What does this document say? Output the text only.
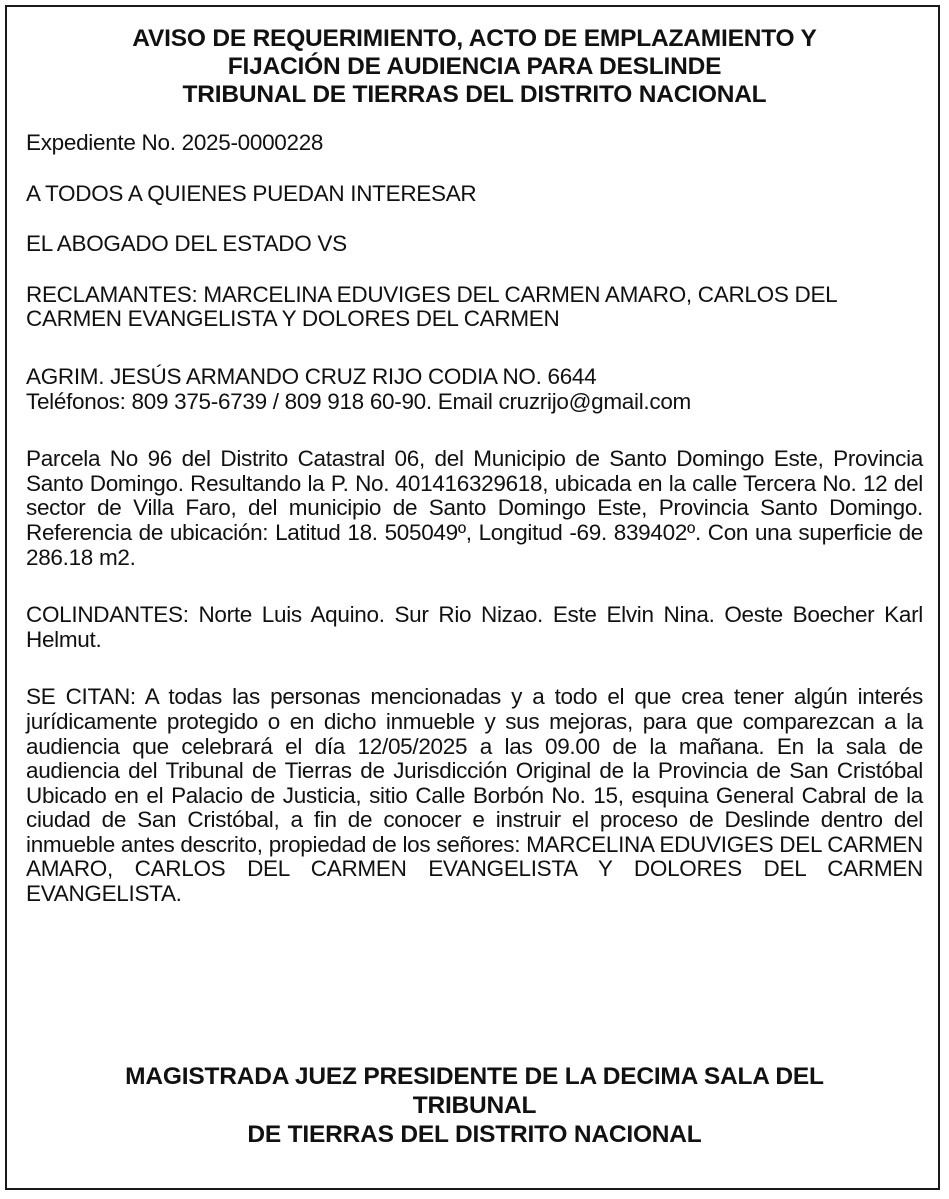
AVISO DE REQUERIMIENTO, ACTO DE EMPLAZAMIENTO Y
FIJACIÓN DE AUDIENCIA PARA DESLINDE
TRIBUNAL DE TIERRAS DEL DISTRITO NACIONAL

Expediente No. 2025-0000228

A TODOS A QUIENES PUEDAN INTERESAR

EL ABOGADO DEL ESTADO VS

RECLAMANTES: MARCELINA EDUVIGES DEL CARMEN AMARO, CARLOS DEL CARMEN EVANGELISTA Y DOLORES DEL CARMEN

AGRIM. JESÚS ARMANDO CRUZ RIJO CODIA NO. 6644

Teléfonos: 809 375-6739 / 809 918 60-90. Email cruzrijo@gmail.com

Parcela No 96 del Distrito Catastral 06, del Municipio de Santo Domingo Este, Provincia Santo Domingo. Resultando la P. No. 401416329618, ubicada en la calle Tercera No. 12 del sector de Villa Faro, del municipio de Santo Domingo Este, Provincia Santo Domingo. Referencia de ubicación: Latitud 18. 505049º, Longitud -69. 839402º. Con una superficie de 286.18 m2.

COLINDANTES: Norte Luis Aquino. Sur Rio Nizao. Este Elvin Nina. Oeste Boecher Karl Helmut.

SE CITAN: A todas las personas mencionadas y a todo el que crea tener algún interés jurídicamente protegido o en dicho inmueble y sus mejoras, para que comparezcan a la audiencia que celebrará el día 12/05/2025 a las 09.00 de la mañana. En la sala de audiencia del Tribunal de Tierras de Jurisdicción Original de la Provincia de San Cristóbal Ubicado en el Palacio de Justicia, sitio Calle Borbón No. 15, esquina General Cabral de la ciudad de San Cristóbal, a fin de conocer e instruir el proceso de Deslinde dentro del inmueble antes descrito, propiedad de los señores: MARCELINA EDUVIGES DEL CARMEN AMARO, CARLOS DEL CARMEN EVANGELISTA Y DOLORES DEL CARMEN EVANGELISTA.

MAGISTRADA JUEZ PRESIDENTE DE LA DECIMA SALA DEL
TRIBUNAL
DE TIERRAS DEL DISTRITO NACIONAL
